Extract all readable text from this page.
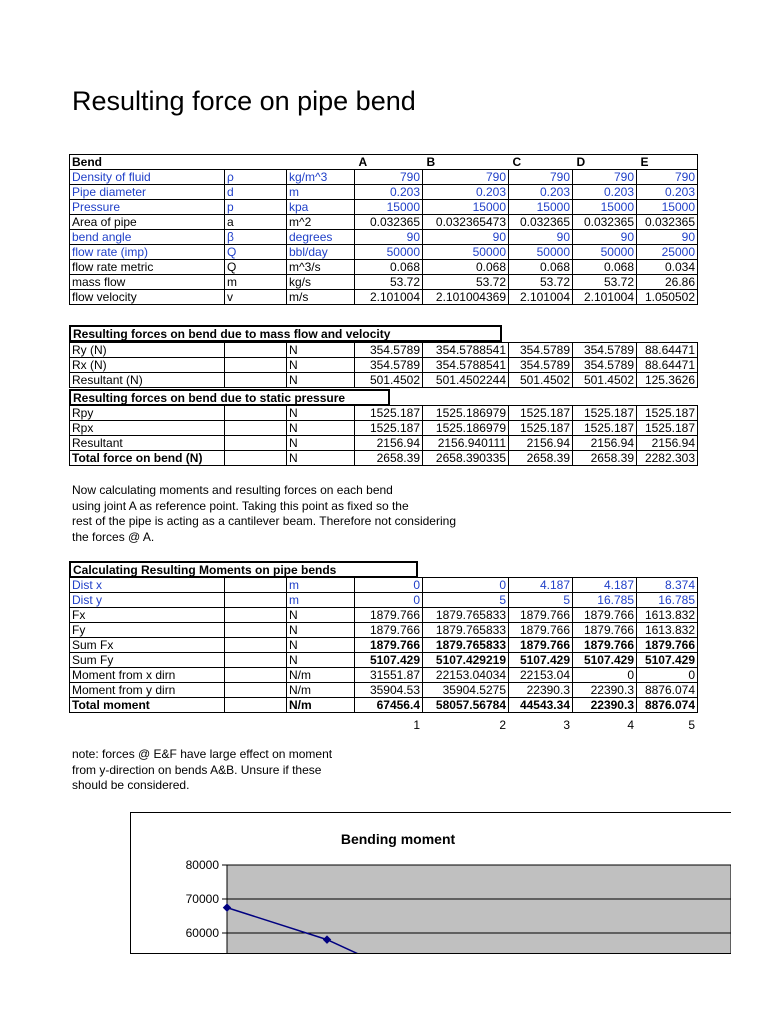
Resulting force on pipe bend
Bend			A	B	C	D	E
Density of fluid	ρ	kg/m^3	790	790	790	790	790
Pipe diameter	d	m	0.203	0.203	0.203	0.203	0.203
Pressure	p	kpa	15000	15000	15000	15000	15000
Area of pipe	a	m^2	0.032365	0.032365473	0.032365	0.032365	0.032365
bend angle	β	degrees	90	90	90	90	90
flow rate (imp)	Q	bbl/day	50000	50000	50000	50000	25000
flow rate metric	Q	m^3/s	0.068	0.068	0.068	0.068	0.034
mass flow	m	kg/s	53.72	53.72	53.72	53.72	26.86
flow velocity	v	m/s	2.101004	2.101004369	2.101004	2.101004	1.050502
Resulting forces on bend due to mass flow and velocity
Ry (N)		N	354.5789	354.5788541	354.5789	354.5789	88.64471
Rx (N)		N	354.5789	354.5788541	354.5789	354.5789	88.64471
Resultant (N)		N	501.4502	501.4502244	501.4502	501.4502	125.3626
Resulting forces on bend due to static pressure
Rpy		N	1525.187	1525.186979	1525.187	1525.187	1525.187
Rpx		N	1525.187	1525.186979	1525.187	1525.187	1525.187
Resultant		N	2156.94	2156.940111	2156.94	2156.94	2156.94
Total force on bend (N)		N	2658.39	2658.390335	2658.39	2658.39	2282.303
Now calculating moments and resulting forces on each bend
using joint A as reference point. Taking this point as fixed so the
rest of the pipe is acting as a cantilever beam. Therefore not considering
the forces @ A.
Calculating Resulting Moments on pipe bends
Dist x		m	0	0	4.187	4.187	8.374
Dist y		m	0	5	5	16.785	16.785
Fx		N	1879.766	1879.765833	1879.766	1879.766	1613.832
Fy		N	1879.766	1879.765833	1879.766	1879.766	1613.832
Sum Fx		N	1879.766	1879.765833	1879.766	1879.766	1879.766
Sum Fy		N	5107.429	5107.429219	5107.429	5107.429	5107.429
Moment from x dirn		N/m	31551.87	22153.04034	22153.04	0	0
Moment from y dirn		N/m	35904.53	35904.5275	22390.3	22390.3	8876.074
Total moment		N/m	67456.4	58057.56784	44543.34	22390.3	8876.074
1	2	3	4	5
note: forces @ E&F have large effect on moment
from y-direction on bends A&B. Unsure if these
should be considered.
80000
70000
60000
Bending moment
